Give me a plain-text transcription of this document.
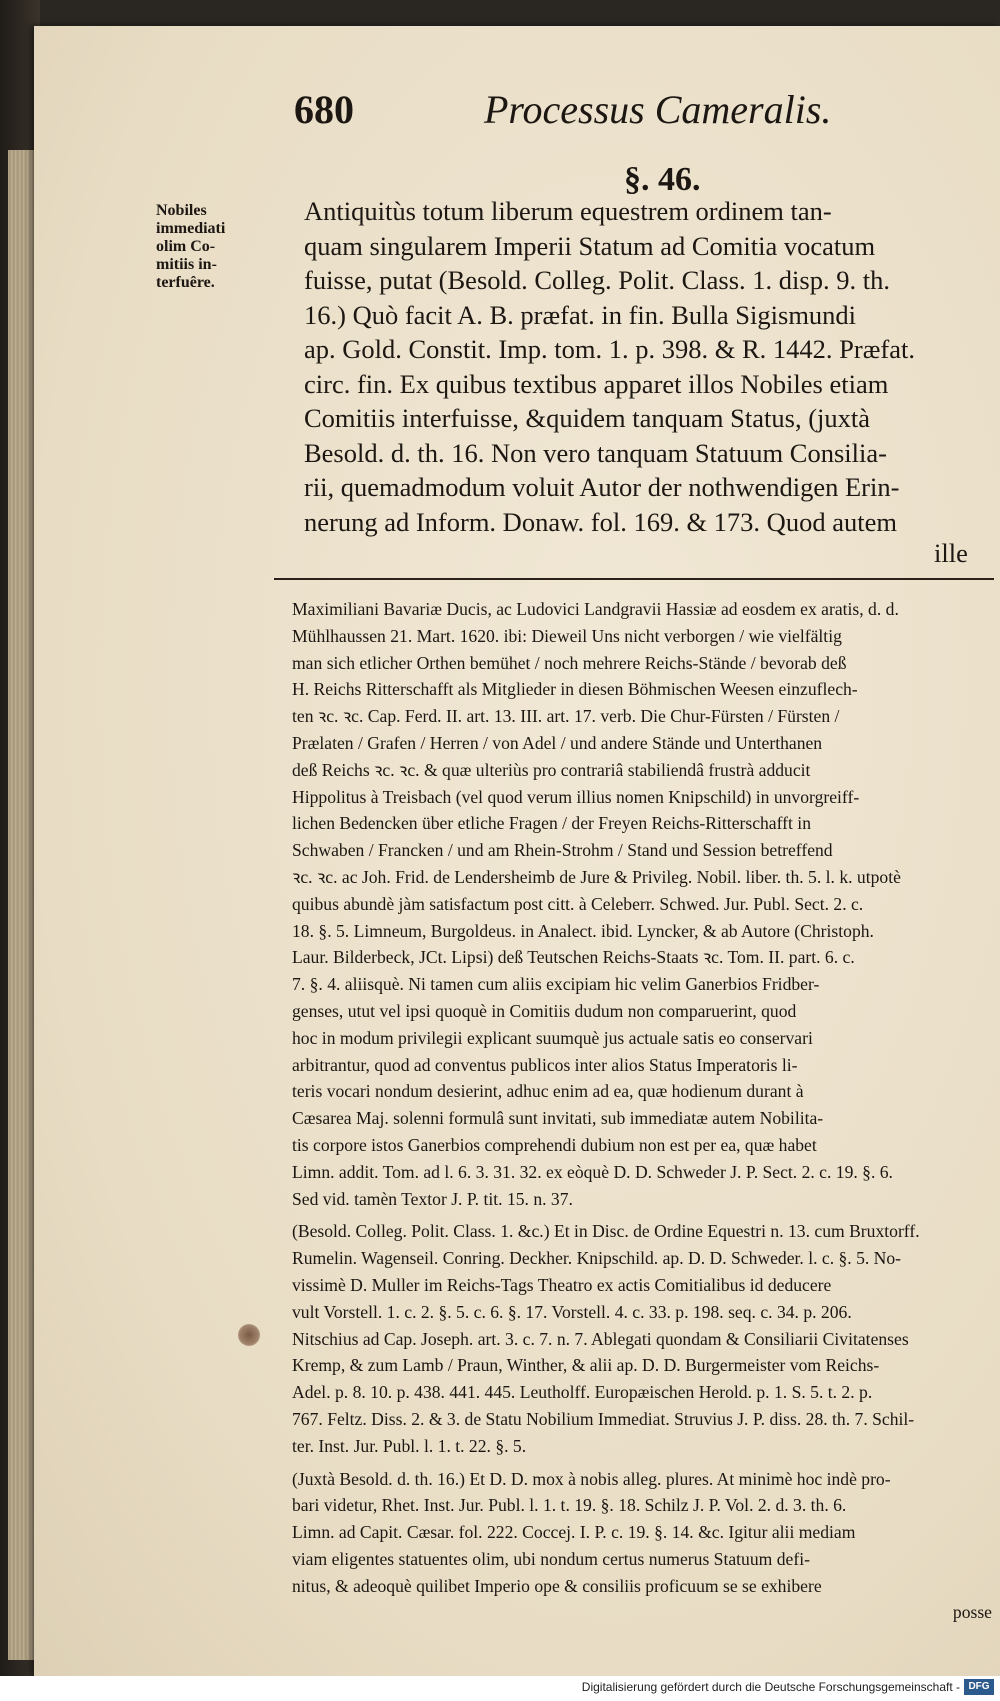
680	Processus Cameralis.
§. 46.
Nobiles
immediati
olim Co-
mitiis in-
terfuêre.
Antiquitùs totum liberum equestrem ordinem tan-
quam singularem Imperii Statum ad Comitia vocatum
fuisse, putat (Besold. Colleg. Polit. Class. 1. disp. 9. th.
16.) Quò facit A. B. præfat. in fin. Bulla Sigismundi
ap. Gold. Constit. Imp. tom. 1. p. 398. & R. 1442. Præfat.
circ. fin. Ex quibus textibus apparet illos Nobiles etiam
Comitiis interfuisse, &quidem tanquam Status, (juxtà
Besold. d. th. 16. Non vero tanquam Statuum Consilia-
rii, quemadmodum voluit Autor der nothwendigen Erin-
nerung ad Inform. Donaw. fol. 169. & 173. Quod autem
ille
Maximiliani Bavariæ Ducis, ac Ludovici Landgravii Hassiæ ad eosdem ex aratis, d. d.
Mühlhaussen 21. Mart. 1620. ibi: Dieweil Uns nicht verborgen / wie vielfältig
man sich etlicher Orthen bemühet / noch mehrere Reichs-Stände / bevorab deß
H. Reichs Ritterschafft als Mitglieder in diesen Böhmischen Weesen einzuflech-
ten ꝛc. ꝛc. Cap. Ferd. II. art. 13. III. art. 17. verb. Die Chur-Fürsten / Fürsten /
Prælaten / Grafen / Herren / von Adel / und andere Stände und Unterthanen
deß Reichs ꝛc. ꝛc. & quæ ulteriùs pro contrariâ stabiliendâ frustrà adducit
Hippolitus à Treisbach (vel quod verum illius nomen Knipschild) in unvorgreiff-
lichen Bedencken über etliche Fragen / der Freyen Reichs-Ritterschafft in
Schwaben / Francken / und am Rhein-Strohm / Stand und Session betreffend
ꝛc. ꝛc. ac Joh. Frid. de Lendersheimb de Jure & Privileg. Nobil. liber. th. 5. l. k. utpotè
quibus abundè jàm satisfactum post citt. à Celeberr. Schwed. Jur. Publ. Sect. 2. c.
18. §. 5. Limneum, Burgoldeus. in Analect. ibid. Lyncker, & ab Autore (Christoph.
Laur. Bilderbeck, JCt. Lipsi) deß Teutschen Reichs-Staats ꝛc. Tom. II. part. 6. c.
7. §. 4. aliisquè. Ni tamen cum aliis excipiam hic velim Ganerbios Fridber-
genses, utut vel ipsi quoquè in Comitiis dudum non comparuerint, quod
hoc in modum privilegii explicant suumquè jus actuale satis eo conservari
arbitrantur, quod ad conventus publicos inter alios Status Imperatoris li-
teris vocari nondum desierint, adhuc enim ad ea, quæ hodienum durant à
Cæsarea Maj. solenni formulâ sunt invitati, sub immediatæ autem Nobilita-
tis corpore istos Ganerbios comprehendi dubium non est per ea, quæ habet
Limn. addit. Tom. ad l. 6. 3. 31. 32. ex eòquè D. D. Schweder J. P. Sect. 2. c. 19. §. 6.
Sed vid. tamèn Textor J. P. tit. 15. n. 37.
(Besold. Colleg. Polit. Class. 1. &c.) Et in Disc. de Ordine Equestri n. 13. cum Bruxtorff.
Rumelin. Wagenseil. Conring. Deckher. Knipschild. ap. D. D. Schweder. l. c. §. 5. No-
vissimè D. Muller im Reichs-Tags Theatro ex actis Comitialibus id deducere
vult Vorstell. 1. c. 2. §. 5. c. 6. §. 17. Vorstell. 4. c. 33. p. 198. seq. c. 34. p. 206.
Nitschius ad Cap. Joseph. art. 3. c. 7. n. 7. Ablegati quondam & Consiliarii Civitatenses
Kremp, & zum Lamb / Praun, Winther, & alii ap. D. D. Burgermeister vom Reichs-
Adel. p. 8. 10. p. 438. 441. 445. Leutholff. Europæischen Herold. p. 1. S. 5. t. 2. p.
767. Feltz. Diss. 2. & 3. de Statu Nobilium Immediat. Struvius J. P. diss. 28. th. 7. Schil-
ter. Inst. Jur. Publ. l. 1. t. 22. §. 5.
(Juxtà Besold. d. th. 16.) Et D. D. mox à nobis alleg. plures. At minimè hoc indè pro-
bari videtur, Rhet. Inst. Jur. Publ. l. 1. t. 19. §. 18. Schilz J. P. Vol. 2. d. 3. th. 6.
Limn. ad Capit. Cæsar. fol. 222. Coccej. I. P. c. 19. §. 14. &c. Igitur alii mediam
viam eligentes statuentes olim, ubi nondum certus numerus Statuum defi-
nitus, & adeoquè quilibet Imperio ope & consiliis proficuum se se exhibere
posse
Digitalisierung gefördert durch die Deutsche Forschungsgemeinschaft - DFG
